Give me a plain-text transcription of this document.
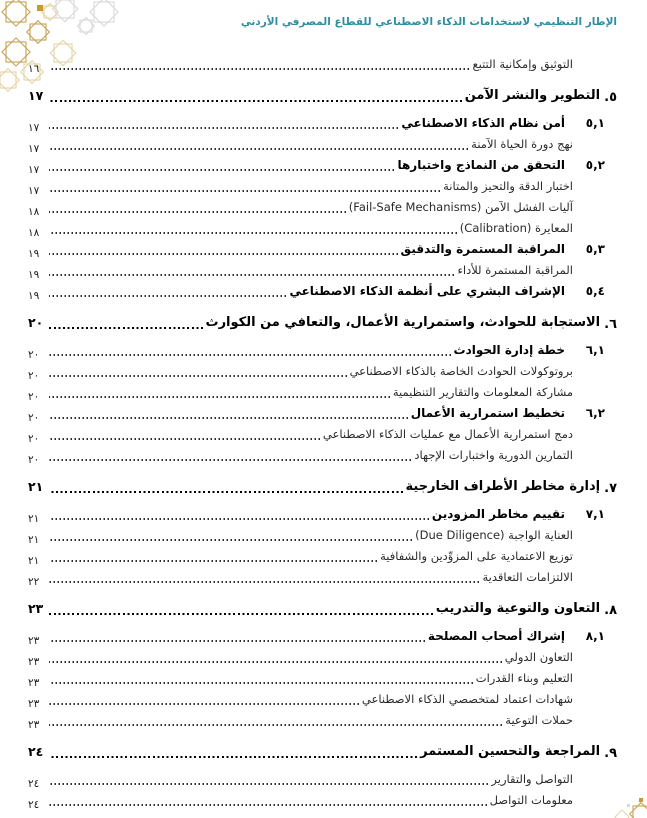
الإطار التنظيمي لاستخدامات الذكاء الاصطناعي للقطاع المصرفي الأردني
التوثيق وإمكانية التتبع
١٦
٥.
التطوير والنشر الآمن
١٧
٥,١
أمن نظام الذكاء الاصطناعي
١٧
نهج دورة الحياة الآمنة
١٧
٥,٢
التحقق من النماذج واختبارها
١٧
اختبار الدقة والتحيز والمتانة
١٧
آليات الفشل الآمن (Fail-Safe Mechanisms)
١٨
المعايرة (Calibration)
١٨
٥,٣
المراقبة المستمرة والتدقيق
١٩
المراقبة المستمرة للأداء
١٩
٥,٤
الإشراف البشري على أنظمة الذكاء الاصطناعي
١٩
٦.
الاستجابة للحوادث، واستمرارية الأعمال، والتعافي من الكوارث
٢٠
٦,١
خطة إدارة الحوادث
٢٠
بروتوكولات الحوادث الخاصة بالذكاء الاصطناعي
٢٠
مشاركة المعلومات والتقارير التنظيمية
٢٠
٦,٢
تخطيط استمرارية الأعمال
٢٠
دمج استمرارية الأعمال مع عمليات الذكاء الاصطناعي
٢٠
التمارين الدورية واختبارات الإجهاد
٢٠
٧.
إدارة مخاطر الأطراف الخارجية
٢١
٧,١
تقييم مخاطر المزودين
٢١
العناية الواجبة (Due Diligence)
٢١
توزيع الاعتمادية على المزوِّدين والشفافية
٢١
الالتزامات التعاقدية
٢٢
٨.
التعاون والتوعية والتدريب
٢٣
٨,١
إشراك أصحاب المصلحة
٢٣
التعاون الدولي
٢٣
التعليم وبناء القدرات
٢٣
شهادات اعتماد لمتخصصي الذكاء الاصطناعي
٢٣
حملات التوعية
٢٣
٩.
المراجعة والتحسين المستمر
٢٤
التواصل والتقارير
٢٤
معلومات التواصل
٢٤
